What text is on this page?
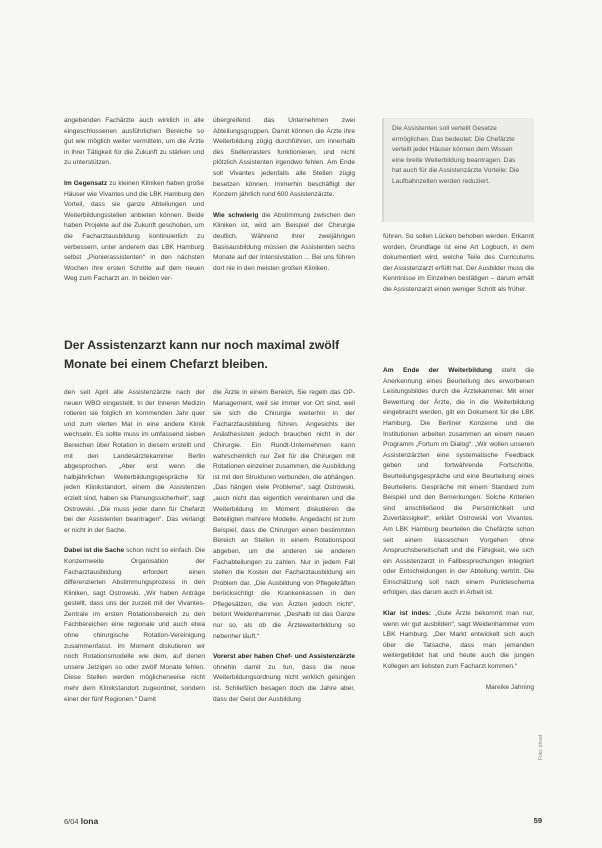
angebenden Fachärzte auch wirklich in alle eingeschlossenen ausführlichen Bereiche so gut wie möglich weiter vermitteln, um die Ärzte in ihrer Tätigkeit für die Zukunft zu stärken und zu unterstützen.

Im Gegensatz zu kleinen Kliniken haben große Häuser wie Vivantes und die LBK Hamburg den Vorteil, dass sie ganze Abteilungen und Weiterbildungsstellen anbieten können. Beide haben Projekte auf die Zukunft geschoben, um die Facharztausbildung kontinuierlich zu verbessern, unter anderem das LBK Hamburg selbst „Pionierassistenten“ in den nächsten Wochen ihre ersten Schritte auf dem neuen Weg zum Facharzt an. In beiden ver-

übergreifend das Unternehmen zwei Abteilungsgruppen. Damit können die Ärzte ihre Weiterbildung zügig durchführen, um innerhalb des Stellenrasters funktionieren, und nicht plötzlich Assistenten irgendwo fehlen. Am Ende soll Vivantes jedenfalls alle Stellen zügig besetzen können. Immerhin beschäftigt der Konzern jährlich rund 600 Assistenzärzte.

Wie schwierig die Abstimmung zwischen den Kliniken ist, wird am Beispiel der Chirurgie deutlich. Während ihrer zweijährigen Basisausbildung müssen die Assistenten sechs Monate auf der Intensivstation ... Bei uns führen dort nie in den meisten großen Kliniken.

Die Assistenten soll verteilt Gesetze ermöglichen. Das bedeutet: Die Chefärzte verteilt jeder Häuser können dem Wissen eine breite Weiterbildung beantragen. Das hat auch für die Assistenzärzte Vorteile: Die Laufbahnzeiten werden reduziert.

führen. So sollen Lücken behoben werden. Erkannt worden, Grundlage ist eine Art Logbuch, in dem dokumentiert wird, welche Teile des Curriculums der Assistenzarzt erfüllt hat. Der Ausbilder muss die Kenntnisse im Einzelnen bestätigen – darum erhält die Assistenzarzt einen weniger Schritt als früher.

Der Assistenzarzt kann nur noch maximal zwölf Monate bei einem Chefarzt bleiben.

den seit April alle Assistenzärzte nach der neuen WBO eingestellt. In der Inneren Medizin rotieren sie folglich im kommenden Jahr quer und zum vierten Mal in eine andere Klinik wechseln. Es sollte muss im umfassend sieben Bereichen über Rotation in diesem erstellt und mit den Landesärztekammer Berlin abgesprochen. „Aber erst wenn die halbjährlichen Weiterbildungsgespräche für jeden Klinikstandort, einem die Assistenzen erzielt sind, haben sie Planungssicherheit“, sagt Ostrowski. „Die muss jeder dann für Chefarzt bei der Assistenten beantragen“. Das verlangt er nicht in der Sache.

Dabei ist die Sache schon nicht so einfach. Die Konzernweite Organisation der Facharztausbildung erfordert einen differenzierten Abstimmungsprozess in den Kliniken, sagt Ostrowski. „Wir haben Anträge gestellt, dass uns der zurzeit mit der Vivantes-Zentrale im ersten Rotationsbereich zu den Fachbereichen eine regionale und auch etwa ohne chirurgische Rotation-Vereinigung zusammenfasst. Im Moment diskutieren wir noch Rotationsmodelle wie dem, auf denen unsere Jetzigen so oder zwölf Monate fehlen. Diese Stellen werden möglicherweise nicht mehr dem Klinikstandort zugeordnet, sondern einer der fünf Regionen.“ Damit

die Ärzte in einem Bereich, Sie regeln das OP-Management, weil sie immer vor Ort sind, weil sie sich die Chirurgie weiterhin in der Facharztausbildung führen. Angesichts der Anästhesisten jedoch brauchen nicht in der Chirurgie. Ein Rundt-Unternehmen kann wahrscheinlich nur Zeit für die Chirurgen mit Rotationen einzelner zusammen, die Ausbildung ist mit den Strukturen verbunden, die abhängen. „Das hängen viele Probleme“, sagt Ostrowski, „auch nicht das eigentlich vereinbaren und die Weiterbildung im Moment diskutieren die Beteiligten mehrere Modelle. Angedacht ist zum Beispiel, dass die Chirurgen einen bestimmten Bereich an Stellen in einem Rotationspool abgeben, um die anderen sie anderen Fachabteilungen zu zahlen. Nur in jedem Fall stellen die Kosten der Facharztausbildung ein Problem dar. „Die Ausbildung von Pflegekräften berücksichtigt die Krankenkassen in den Pflegesätzen, die von Ärzten jedoch nicht“, betont Weidenhammer. „Deshalb ist das Ganze nur so, als ob die Ärzteweiterbildung so nebenher läuft.“

Vorerst aber haben Chef- und Assistenzärzte ohnehin damit zu tun, dass die neue Weiterbildungsordnung nicht wirklich gelungen ist. Schließlich besagen doch die Jahre aber, dass der Geist der Ausbildung

Am Ende der Weiterbildung steht die Anerkennung eines Beurteilung des erworbenen Leistungsbildes durch die Ärztekammer. Mit einer Bewertung der Ärzte, die in die Weiterbildung eingebracht werden, gilt ein Dokument für die LBK Hamburg. Die Berliner Konzerne und die Institutionen arbeiten zusammen an einem neuen Programm „Fortum im Dialog“. „Wir wollen unseren Assistenzärzten eine systematische Feedback geben und fortwährende Fortschritte, Beurteilungsgespräche und eine Beurteilung eines Beurteilens. Gespräche mit einem Standard zum Beispiel und den Bemerkungen. Solche Kriterien sind anschließend die Persönlichkeit und Zuverlässigkeit“, erklärt Ostrowski von Vivantes. Am LBK Hamburg beurteilen die Chefärzte schon seit einem klassischen Vorgehen ohne Anspruchsbereitschaft und die Fähigkeit, wie sich ein Assistenzarzt in Fallbesprechungen integriert oder Entscheidungen in der Abteilung vertritt. Die Einschätzung soll nach einem Punkteschema erfolgen, das darum auch in Arbeit ist.

Klar ist indes: „Gute Ärzte bekommt man nur, wenn wir gut ausbilden“, sagt Weidenhammer vom LBK Hamburg. „Der Markt entwickelt sich auch über die Tatsache, dass man jemanden weitergebildet hat und heute auch die jungen Kollegen am liebsten zum Facharzt kommen.“

Mareike Jahning
Foto: privat
6/04 lona	59
